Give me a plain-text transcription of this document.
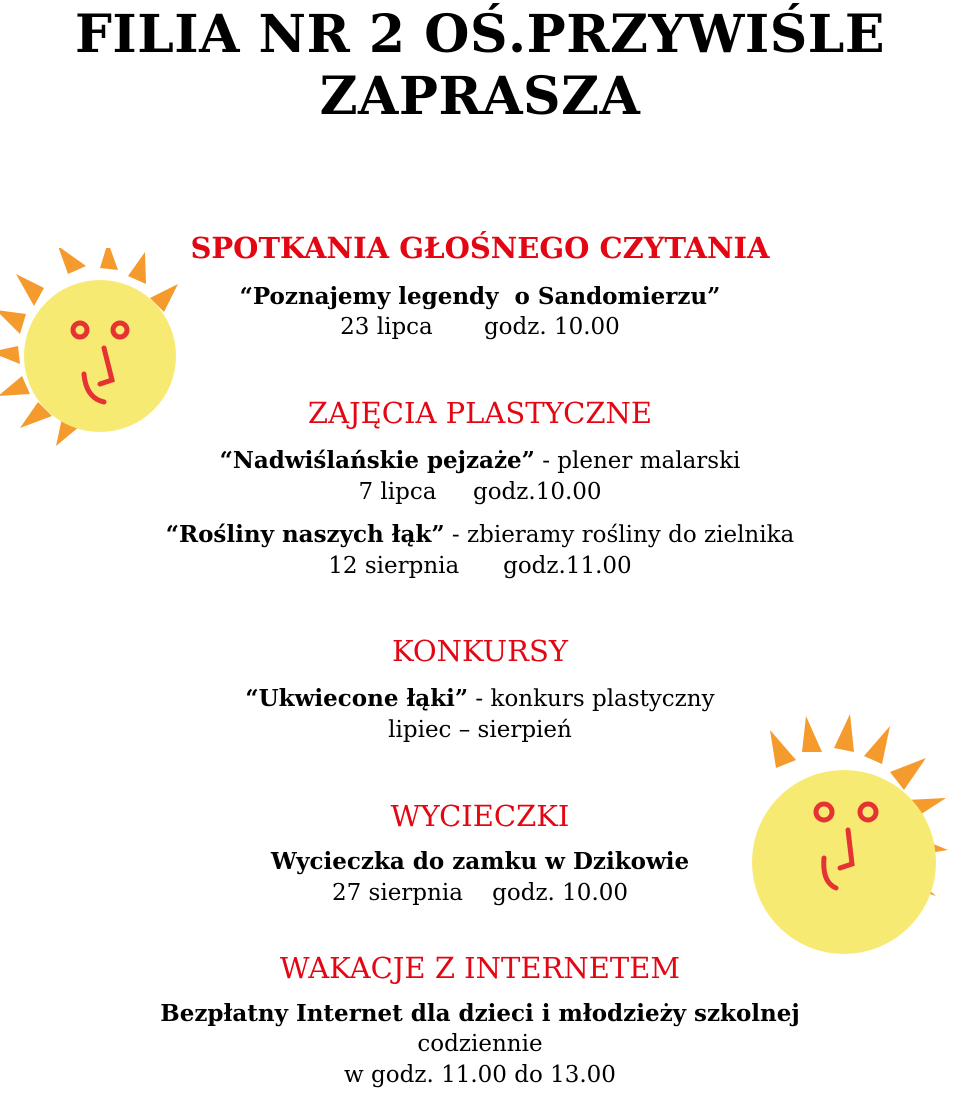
FILIA NR 2 OŚ.PRZYWIŚLE
ZAPRASZA
SPOTKANIA GŁOŚNEGO CZYTANIA
“Poznajemy legendy  o Sandomierzu”
23 lipca       godz. 10.00
ZAJĘCIA PLASTYCZNE
“Nadwiślańskie pejzaże” - plener malarski
7 lipca     godz.10.00
“Rośliny naszych łąk” - zbieramy rośliny do zielnika
12 sierpnia      godz.11.00
KONKURSY
“Ukwiecone łąki” - konkurs plastyczny
lipiec – sierpień
WYCIECZKI
Wycieczka do zamku w Dzikowie
27 sierpnia    godz. 10.00
WAKACJE Z INTERNETEM
Bezpłatny Internet dla dzieci i młodzieży szkolnej
codziennie
w godz. 11.00 do 13.00
